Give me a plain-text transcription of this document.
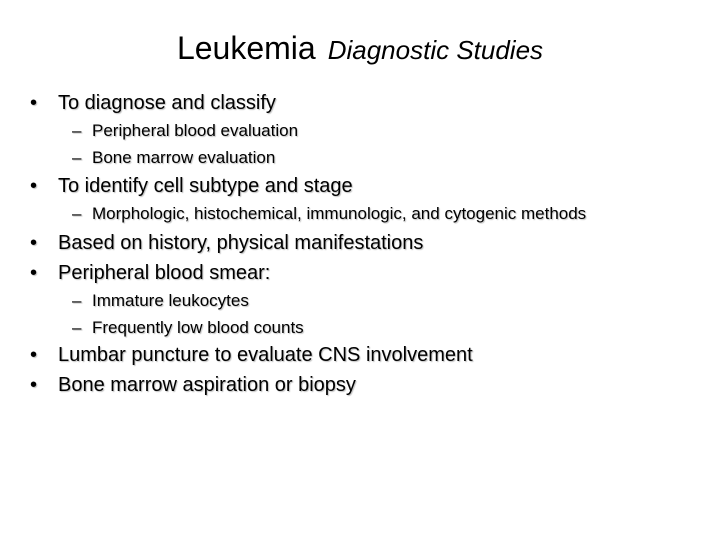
Leukemia Diagnostic Studies
• To diagnose and classify
– Peripheral blood evaluation
– Bone marrow evaluation
• To identify cell subtype and stage
– Morphologic, histochemical, immunologic, and cytogenic methods
• Based on history, physical manifestations
• Peripheral blood smear:
– Immature leukocytes
– Frequently low blood counts
• Lumbar puncture to evaluate CNS involvement
• Bone marrow aspiration or biopsy
